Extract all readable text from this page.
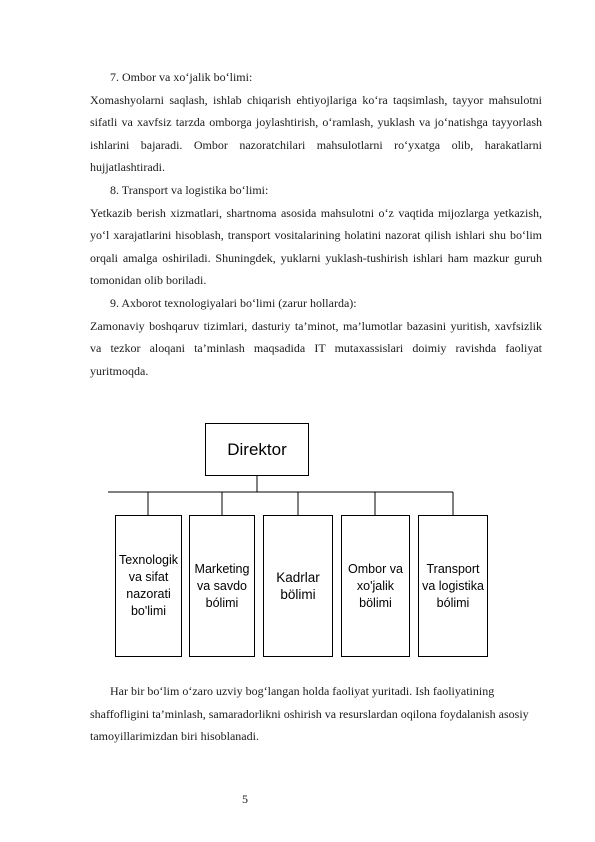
7. Ombor va xo‘jalik bo‘limi:

Xomashyolarni saqlash, ishlab chiqarish ehtiyojlariga ko‘ra taqsimlash, tayyor mahsulotni sifatli va xavfsiz tarzda omborga joylashtirish, o‘ramlash, yuklash va jo‘natishga tayyorlash ishlarini bajaradi. Ombor nazoratchilari mahsulotlarni ro‘yxatga olib, harakatlarni hujjatlashtiradi.

8. Transport va logistika bo‘limi:

Yetkazib berish xizmatlari, shartnoma asosida mahsulotni o‘z vaqtida mijozlarga yetkazish, yo‘l xarajatlarini hisoblash, transport vositalarining holatini nazorat qilish ishlari shu bo‘lim orqali amalga oshiriladi. Shuningdek, yuklarni yuklash-tushirish ishlari ham mazkur guruh tomonidan olib boriladi.

9. Axborot texnologiyalari bo‘limi (zarur hollarda):

Zamonaviy boshqaruv tizimlari, dasturiy ta’minot, ma’lumotlar bazasini yuritish, xavfsizlik va tezkor aloqani ta’minlash maqsadida IT mutaxassislari doimiy ravishda faoliyat yuritmoqda.

Direktor
Texnologik
va sifat
nazorati
bo'limi
Marketing
va savdo
bólimi
Kadrlar
bölimi
Ombor va
xo'jalik
bölimi
Transport
va logistika
bólimi

Har bir bo‘lim o‘zaro uzviy bog‘langan holda faoliyat yuritadi. Ish faoliyatining shaffofligini ta’minlash, samaradorlikni oshirish va resurslardan oqilona foydalanish asosiy tamoyillarimizdan biri hisoblanadi.

5
